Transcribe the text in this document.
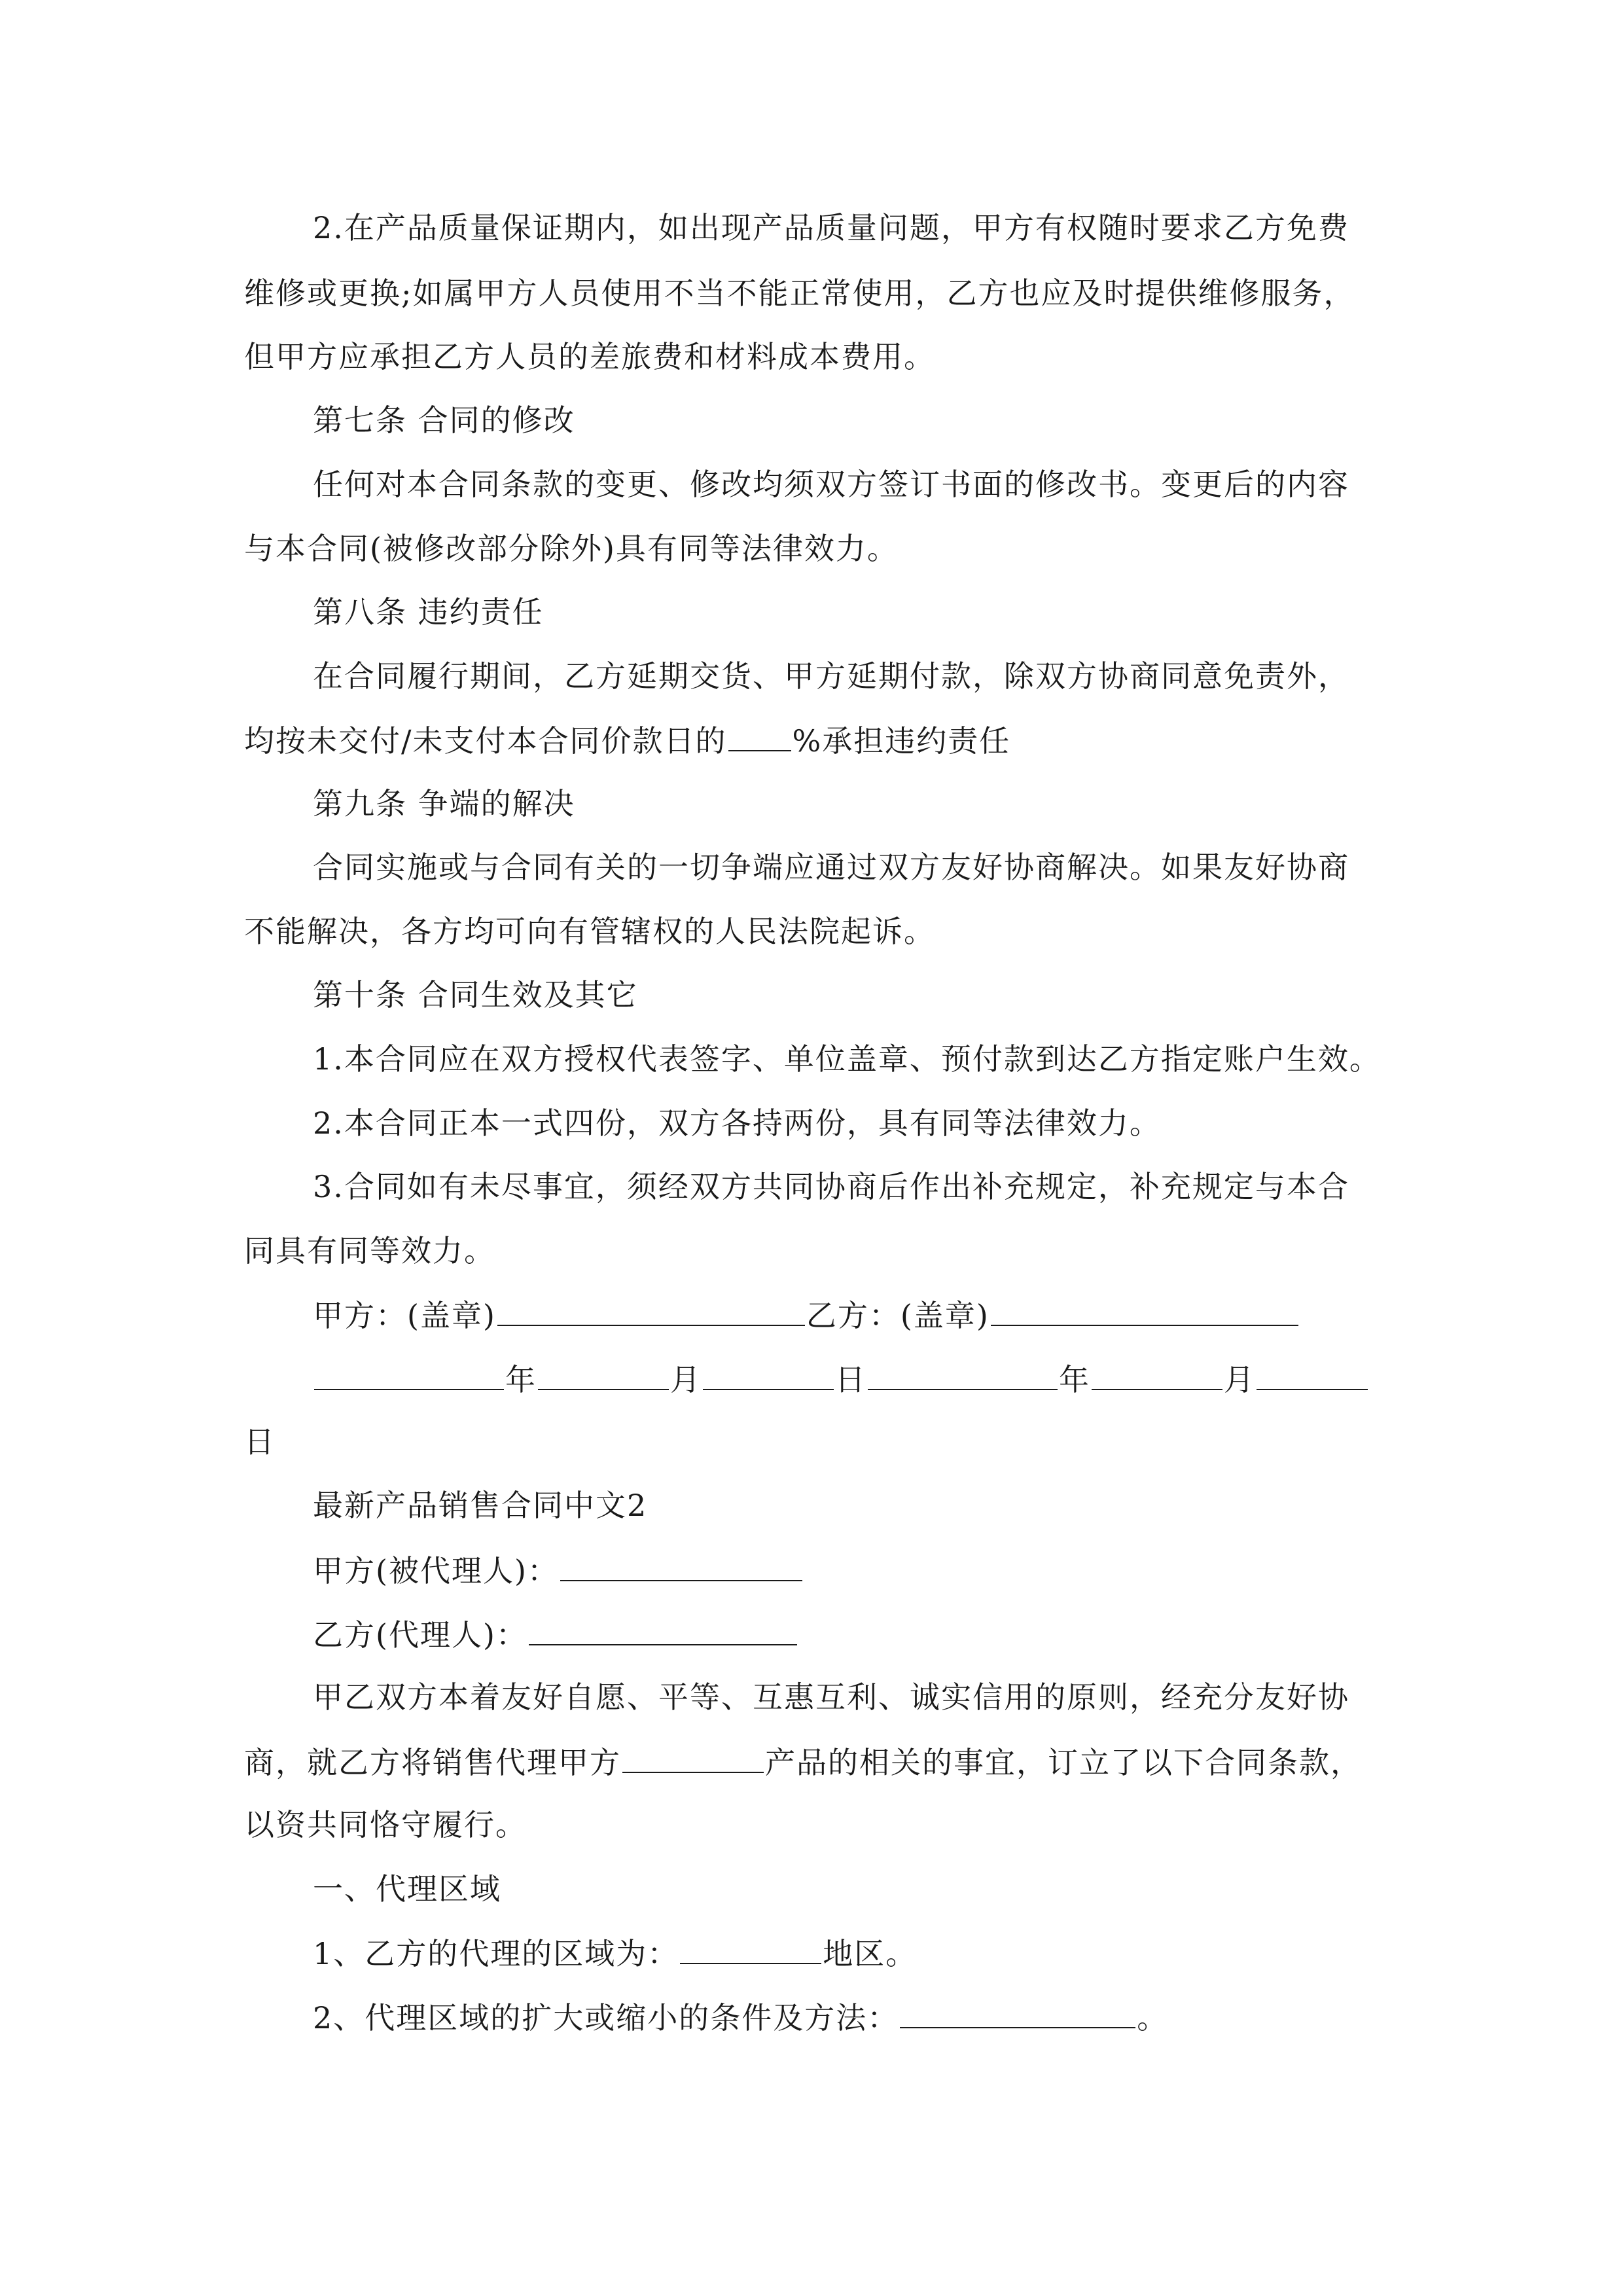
2.在产品质量保证期内，如出现产品质量问题，甲方有权随时要求乙方免费
维修或更换;如属甲方人员使用不当不能正常使用，乙方也应及时提供维修服务，
但甲方应承担乙方人员的差旅费和材料成本费用。
第七条 合同的修改
任何对本合同条款的变更、修改均须双方签订书面的修改书。变更后的内容
与本合同(被修改部分除外)具有同等法律效力。
第八条 违约责任
在合同履行期间，乙方延期交货、甲方延期付款，除双方协商同意免责外，
均按未交付/未支付本合同价款日的 %承担违约责任
第九条 争端的解决
合同实施或与合同有关的一切争端应通过双方友好协商解决。如果友好协商
不能解决，各方均可向有管辖权的人民法院起诉。
第十条 合同生效及其它
1.本合同应在双方授权代表签字、单位盖章、预付款到达乙方指定账户生效。
2.本合同正本一式四份，双方各持两份，具有同等法律效力。
3.合同如有未尽事宜，须经双方共同协商后作出补充规定，补充规定与本合
同具有同等效力。
甲方：(盖章)	乙方：(盖章)
年	月	日	年	月
日
最新产品销售合同中文2
甲方(被代理人)：
乙方(代理人)：
甲乙双方本着友好自愿、平等、互惠互利、诚实信用的原则，经充分友好协
商，就乙方将销售代理甲方	产品的相关的事宜，订立了以下合同条款，
以资共同恪守履行。
一、代理区域
1、乙方的代理的区域为：	地区。
2、代理区域的扩大或缩小的条件及方法：	。
